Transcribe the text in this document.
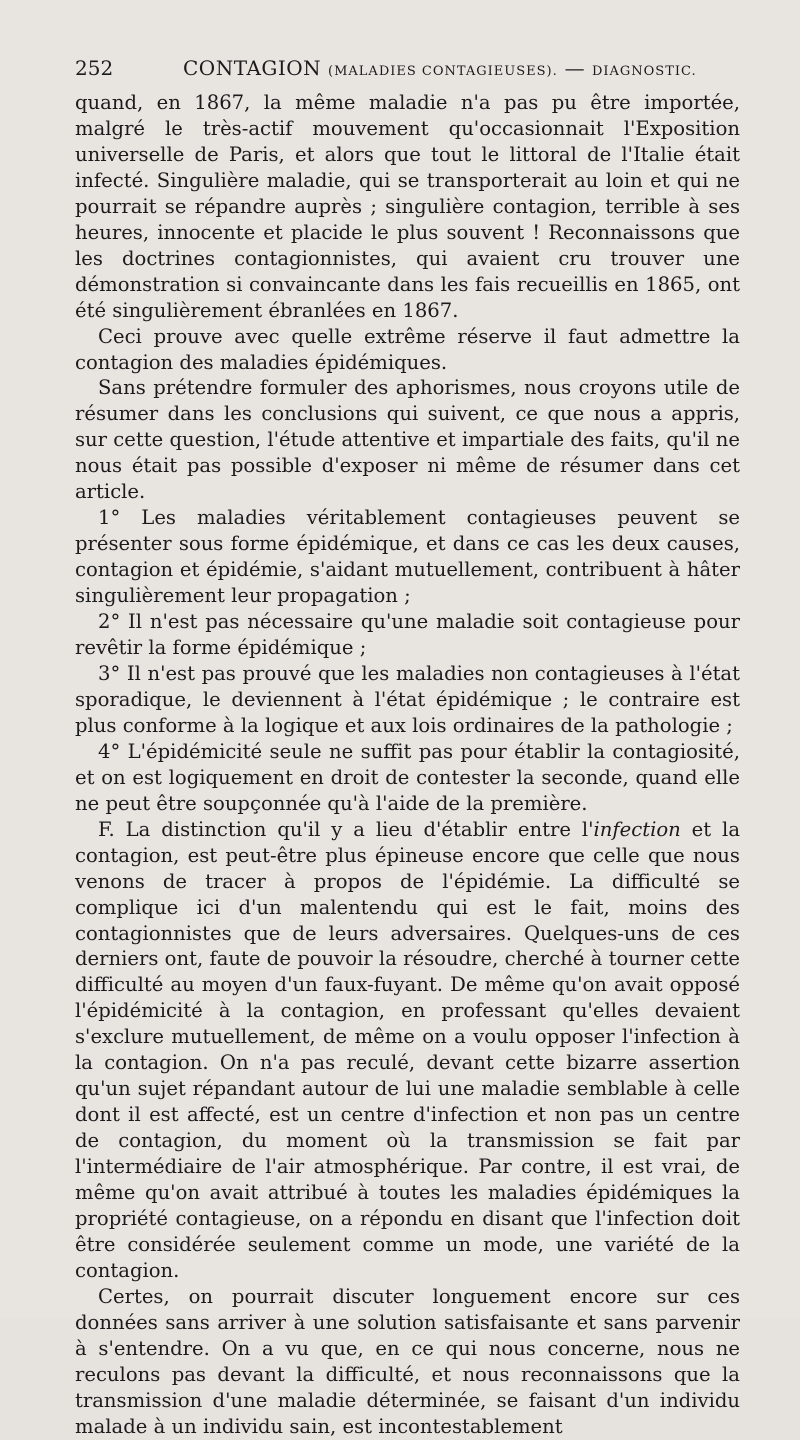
252	CONTAGION (MALADIES CONTAGIEUSES). — DIAGNOSTIC.

quand, en 1867, la même maladie n'a pas pu être importée, malgré le très-actif mouvement qu'occasionnait l'Exposition universelle de Paris, et alors que tout le littoral de l'Italie était infecté. Singulière maladie, qui se transporterait au loin et qui ne pourrait se répandre auprès ; singulière contagion, terrible à ses heures, innocente et placide le plus souvent ! Reconnaissons que les doctrines contagionnistes, qui avaient cru trouver une démonstration si convaincante dans les fais recueillis en 1865, ont été singulièrement ébranlées en 1867.

Ceci prouve avec quelle extrême réserve il faut admettre la contagion des maladies épidémiques.

Sans prétendre formuler des aphorismes, nous croyons utile de résumer dans les conclusions qui suivent, ce que nous a appris, sur cette question, l'étude attentive et impartiale des faits, qu'il ne nous était pas possible d'exposer ni même de résumer dans cet article.

1° Les maladies véritablement contagieuses peuvent se présenter sous forme épidémique, et dans ce cas les deux causes, contagion et épidémie, s'aidant mutuellement, contribuent à hâter singulièrement leur propagation ;

2° Il n'est pas nécessaire qu'une maladie soit contagieuse pour revêtir la forme épidémique ;

3° Il n'est pas prouvé que les maladies non contagieuses à l'état sporadique, le deviennent à l'état épidémique ; le contraire est plus conforme à la logique et aux lois ordinaires de la pathologie ;

4° L'épidémicité seule ne suffit pas pour établir la contagiosité, et on est logiquement en droit de contester la seconde, quand elle ne peut être soupçonnée qu'à l'aide de la première.

F. La distinction qu'il y a lieu d'établir entre l'infection et la contagion, est peut-être plus épineuse encore que celle que nous venons de tracer à propos de l'épidémie. La difficulté se complique ici d'un malentendu qui est le fait, moins des contagionnistes que de leurs adversaires. Quelques-uns de ces derniers ont, faute de pouvoir la résoudre, cherché à tourner cette difficulté au moyen d'un faux-fuyant. De même qu'on avait opposé l'épidémicité à la contagion, en professant qu'elles devaient s'exclure mutuellement, de même on a voulu opposer l'infection à la contagion. On n'a pas reculé, devant cette bizarre assertion qu'un sujet répandant autour de lui une maladie semblable à celle dont il est affecté, est un centre d'infection et non pas un centre de contagion, du moment où la transmission se fait par l'intermédiaire de l'air atmosphérique. Par contre, il est vrai, de même qu'on avait attribué à toutes les maladies épidémiques la propriété contagieuse, on a répondu en disant que l'infection doit être considérée seulement comme un mode, une variété de la contagion.

Certes, on pourrait discuter longuement encore sur ces données sans arriver à une solution satisfaisante et sans parvenir à s'entendre. On a vu que, en ce qui nous concerne, nous ne reculons pas devant la difficulté, et nous reconnaissons que la transmission d'une maladie déterminée, se faisant d'un individu malade à un individu sain, est incontestablement
